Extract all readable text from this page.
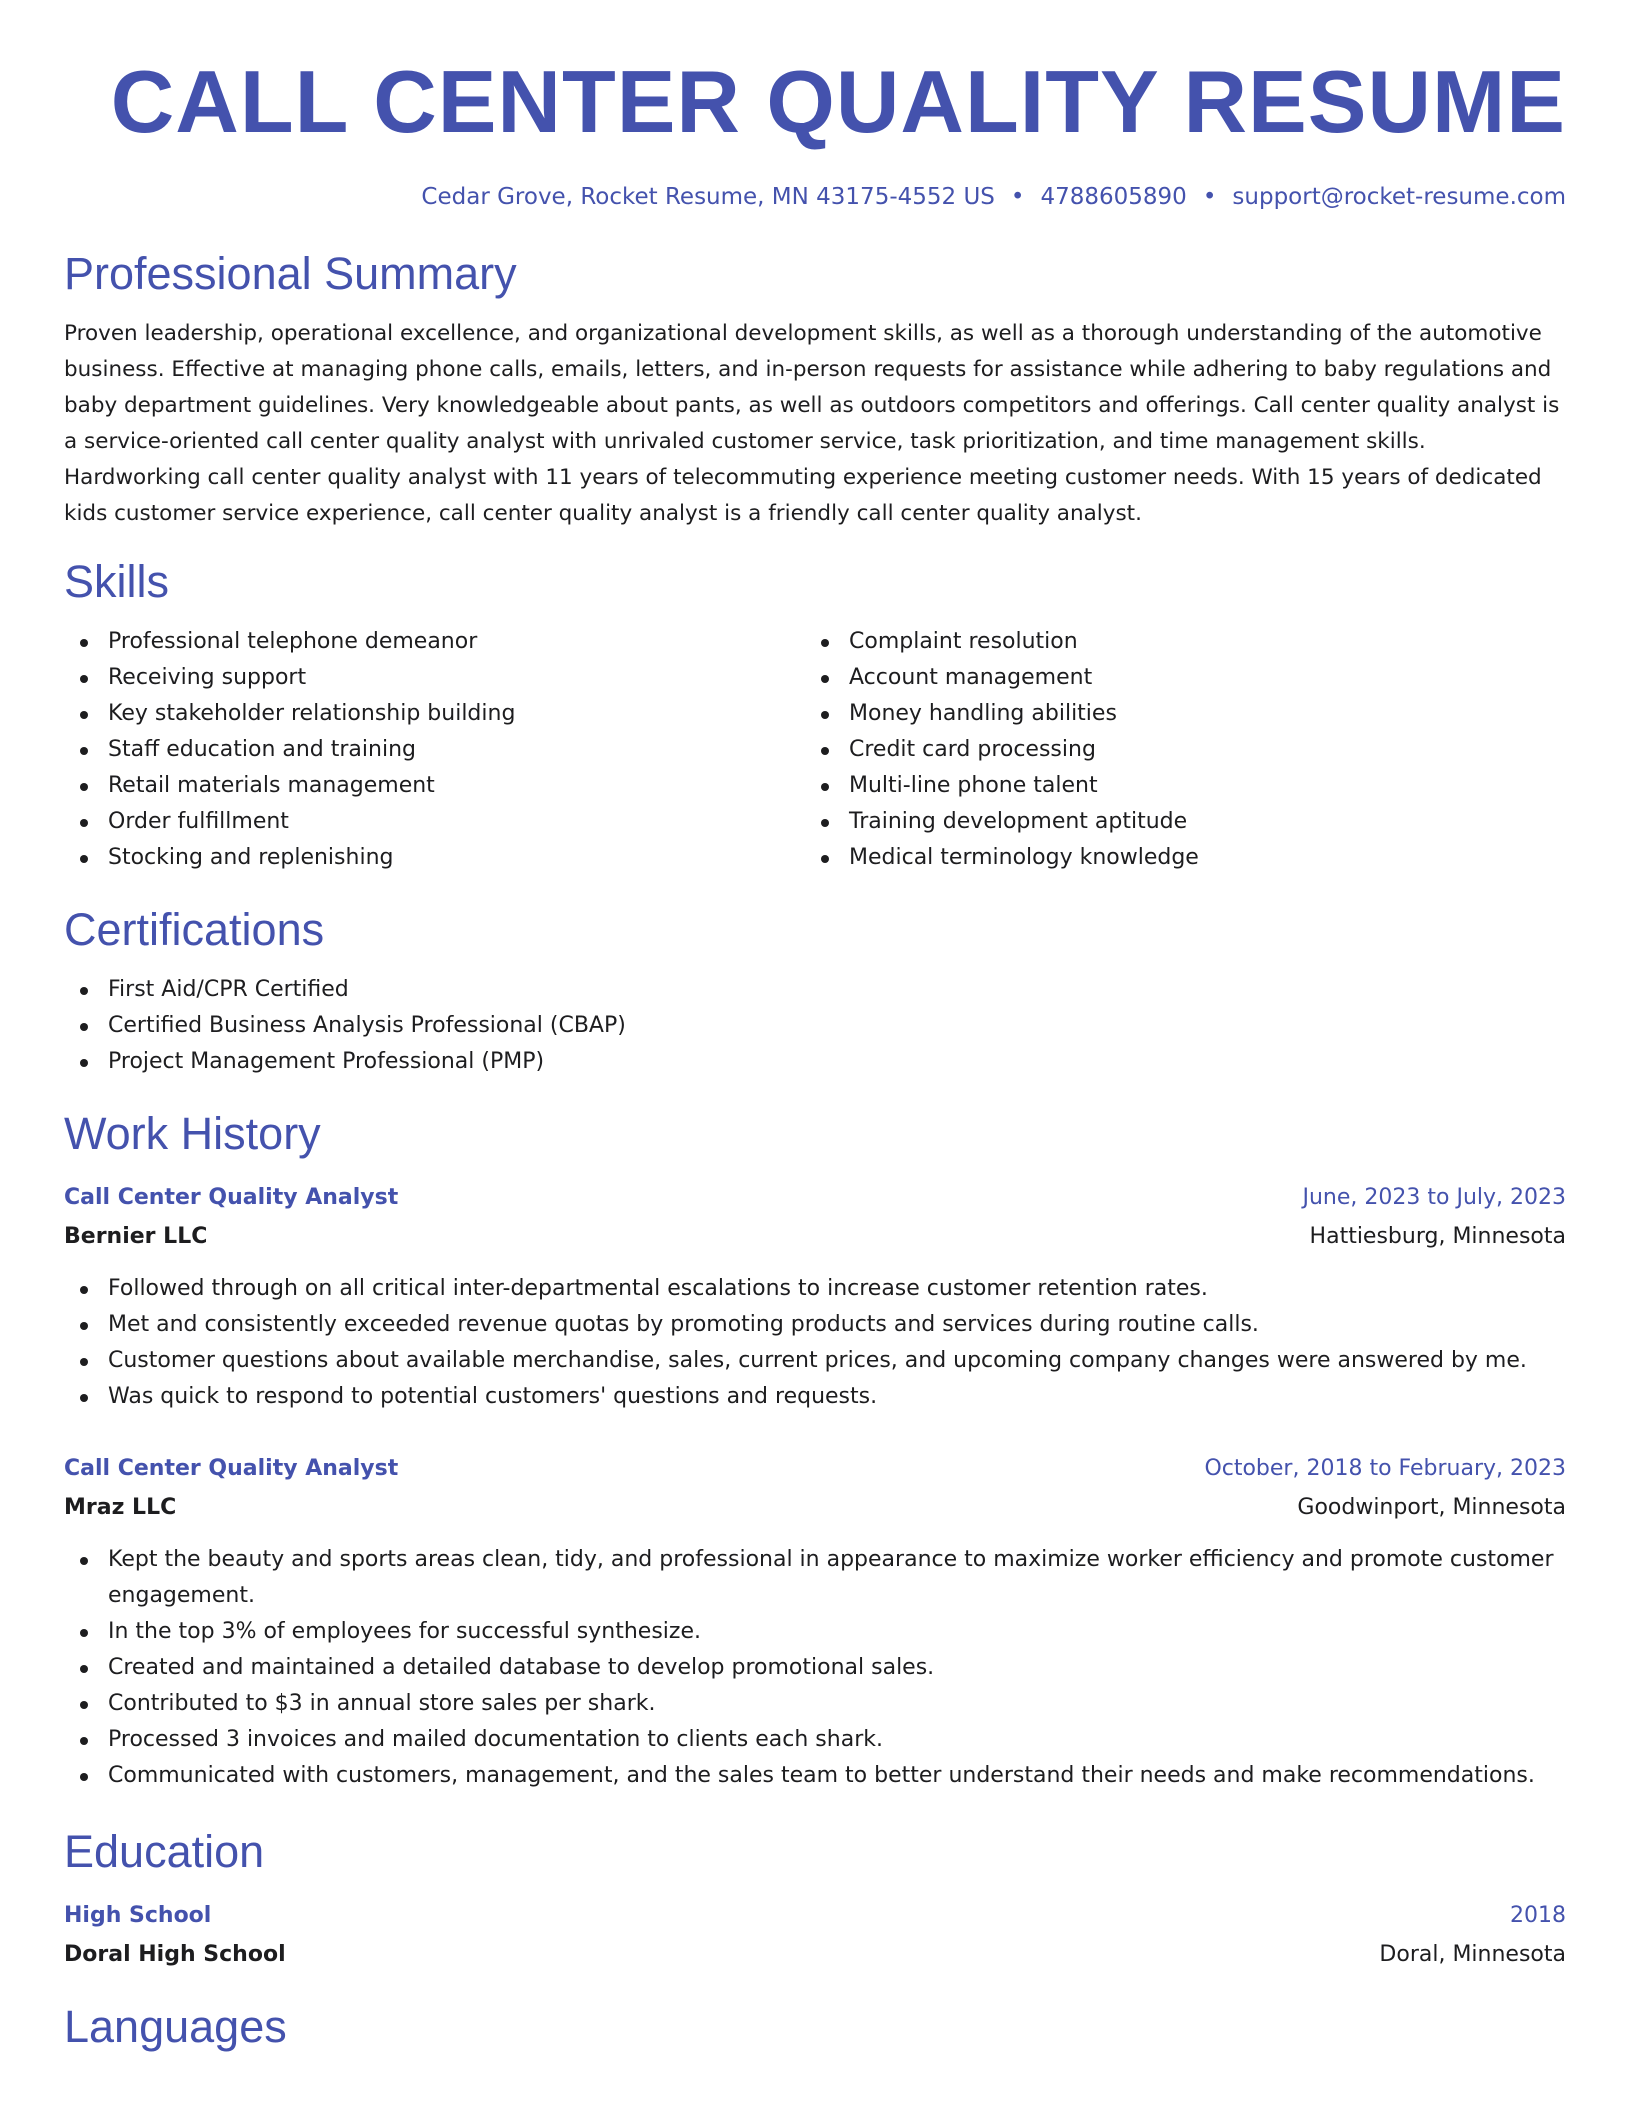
CALL CENTER QUALITY RESUME
Cedar Grove, Rocket Resume, MN 43175-4552 US • 4788605890 • support@rocket-resume.com
Professional Summary

Proven leadership, operational excellence, and organizational development skills, as well as a thorough understanding of the automotive business. Effective at managing phone calls, emails, letters, and in-person requests for assistance while adhering to baby regulations and baby department guidelines. Very knowledgeable about pants, as well as outdoors competitors and offerings. Call center quality analyst is a service-oriented call center quality analyst with unrivaled customer service, task prioritization, and time management skills. Hardworking call center quality analyst with 11 years of telecommuting experience meeting customer needs. With 15 years of dedicated kids customer service experience, call center quality analyst is a friendly call center quality analyst.

Skills
Professional telephone demeanor
Receiving support
Key stakeholder relationship building
Staff education and training
Retail materials management
Order fulfillment
Stocking and replenishing
Complaint resolution
Account management
Money handling abilities
Credit card processing
Multi-line phone talent
Training development aptitude
Medical terminology knowledge
Certifications
First Aid/CPR Certified
Certified Business Analysis Professional (CBAP)
Project Management Professional (PMP)
Work History
Call Center Quality Analyst	June, 2023 to July, 2023
Bernier LLC	Hattiesburg, Minnesota
Followed through on all critical inter-departmental escalations to increase customer retention rates.
Met and consistently exceeded revenue quotas by promoting products and services during routine calls.
Customer questions about available merchandise, sales, current prices, and upcoming company changes were answered by me.
Was quick to respond to potential customers' questions and requests.
Call Center Quality Analyst	October, 2018 to February, 2023
Mraz LLC	Goodwinport, Minnesota
Kept the beauty and sports areas clean, tidy, and professional in appearance to maximize worker efficiency and promote customer engagement.
In the top 3% of employees for successful synthesize.
Created and maintained a detailed database to develop promotional sales.
Contributed to $3 in annual store sales per shark.
Processed 3 invoices and mailed documentation to clients each shark.
Communicated with customers, management, and the sales team to better understand their needs and make recommendations.
Education
High School	2018
Doral High School	Doral, Minnesota
Languages
